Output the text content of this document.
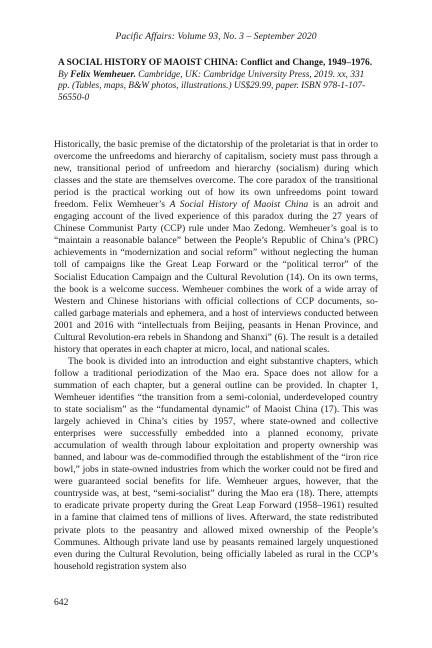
Pacific Affairs: Volume 93, No. 3 – September 2020
A SOCIAL HISTORY OF MAOIST CHINA: Conflict and Change, 1949–1976. By Felix Wemheuer. Cambridge, UK: Cambridge University Press, 2019. xx, 331 pp. (Tables, maps, B&W photos, illustrations.) US$29.99, paper. ISBN 978-1-107-56550-0

Historically, the basic premise of the dictatorship of the proletariat is that in order to overcome the unfreedoms and hierarchy of capitalism, society must pass through a new, transitional period of unfreedom and hierarchy (socialism) during which classes and the state are themselves overcome. The core paradox of the transitional period is the practical working out of how its own unfreedoms point toward freedom. Felix Wemheuer’s A Social History of Maoist China is an adroit and engaging account of the lived experience of this paradox during the 27 years of Chinese Communist Party (CCP) rule under Mao Zedong. Wemheuer’s goal is to “maintain a reasonable balance” between the People’s Republic of China’s (PRC) achievements in “modernization and social reform” without neglecting the human toll of campaigns like the Great Leap Forward or the “political terror” of the Socialist Education Campaign and the Cultural Revolution (14). On its own terms, the book is a welcome success. Wemheuer combines the work of a wide array of Western and Chinese historians with official collections of CCP documents, so-called garbage materials and ephemera, and a host of interviews conducted between 2001 and 2016 with “intellectuals from Beijing, peasants in Henan Province, and Cultural Revolution-era rebels in Shandong and Shanxi” (6). The result is a detailed history that operates in each chapter at micro, local, and national scales.

The book is divided into an introduction and eight substantive chapters, which follow a traditional periodization of the Mao era. Space does not allow for a summation of each chapter, but a general outline can be provided. In chapter 1, Wemheuer identifies “the transition from a semi-colonial, underdeveloped country to state socialism” as the “fundamental dynamic” of Maoist China (17). This was largely achieved in China’s cities by 1957, where state-owned and collective enterprises were successfully embedded into a planned economy, private accumulation of wealth through labour exploitation and property ownership was banned, and labour was de-commodified through the establishment of the “iron rice bowl,” jobs in state-owned industries from which the worker could not be fired and were guaranteed social benefits for life. Wemheuer argues, however, that the countryside was, at best, “semi-socialist” during the Mao era (18). There, attempts to eradicate private property during the Great Leap Forward (1958–1961) resulted in a famine that claimed tens of millions of lives. Afterward, the state redistributed private plots to the peasantry and allowed mixed ownership of the People’s Communes. Although private land use by peasants remained largely unquestioned even during the Cultural Revolution, being officially labeled as rural in the CCP’s household registration system also

642
